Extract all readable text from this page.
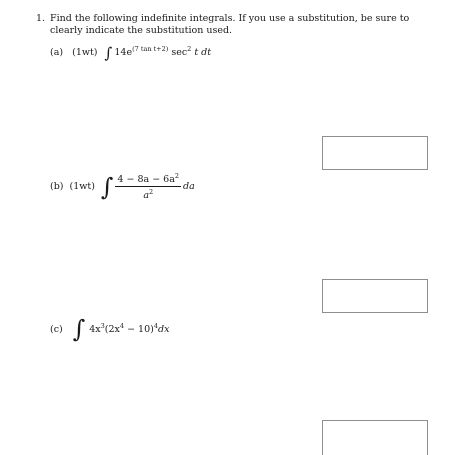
1. Find the following indefinite integrals. If you use a substitution, be sure to clearly indicate the substitution used.
(a) (1wt) ∫ $14e^{(7 tan t+2)}$ $\sec^2 t$ dt
(b) (1wt) ∫ $\frac{4 - 8a - 6a^2}{a^2}$ da
(c) ∫ $4x^3(2x^4 - 10)^4dx$
